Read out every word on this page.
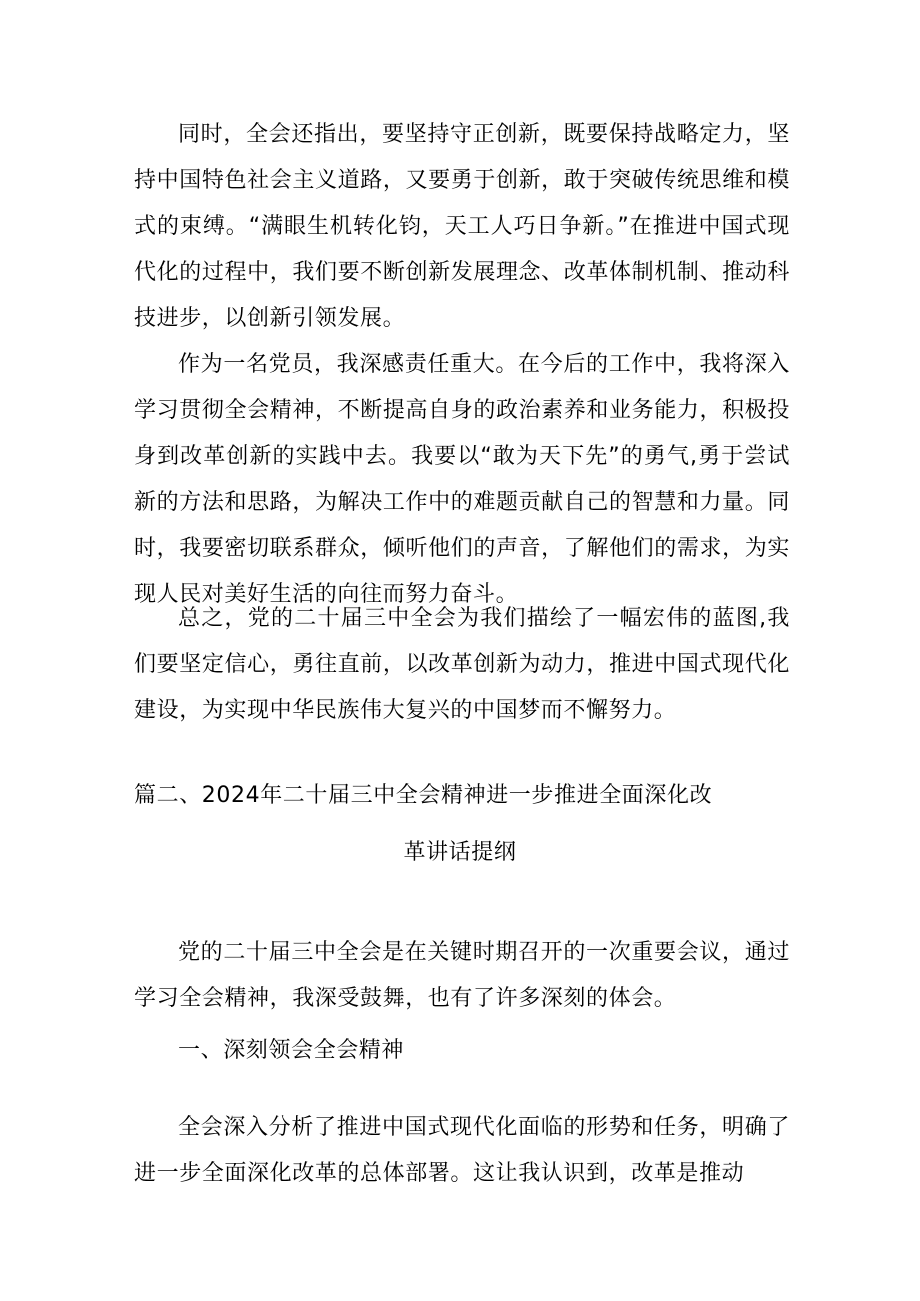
同时，全会还指出，要坚持守正创新，既要保持战略定力，坚持中国特色社会主义道路，又要勇于创新，敢于突破传统思维和模式的束缚。“满眼生机转化钧，天工人巧日争新。”在推进中国式现代化的过程中，我们要不断创新发展理念、改革体制机制、推动科技进步，以创新引领发展。

作为一名党员，我深感责任重大。在今后的工作中，我将深入学习贯彻全会精神，不断提高自身的政治素养和业务能力，积极投身到改革创新的实践中去。我要以“敢为天下先”的勇气,勇于尝试新的方法和思路，为解决工作中的难题贡献自己的智慧和力量。同时，我要密切联系群众，倾听他们的声音，了解他们的需求，为实现人民对美好生活的向往而努力奋斗。

总之，党的二十届三中全会为我们描绘了一幅宏伟的蓝图,我们要坚定信心，勇往直前，以改革创新为动力，推进中国式现代化建设，为实现中华民族伟大复兴的中国梦而不懈努力。

篇二、2024年二十届三中全会精神进一步推进全面深化改

革讲话提纲

党的二十届三中全会是在关键时期召开的一次重要会议，通过学习全会精神，我深受鼓舞，也有了许多深刻的体会。

一、深刻领会全会精神

全会深入分析了推进中国式现代化面临的形势和任务，明确了进一步全面深化改革的总体部署。这让我认识到，改革是推动
